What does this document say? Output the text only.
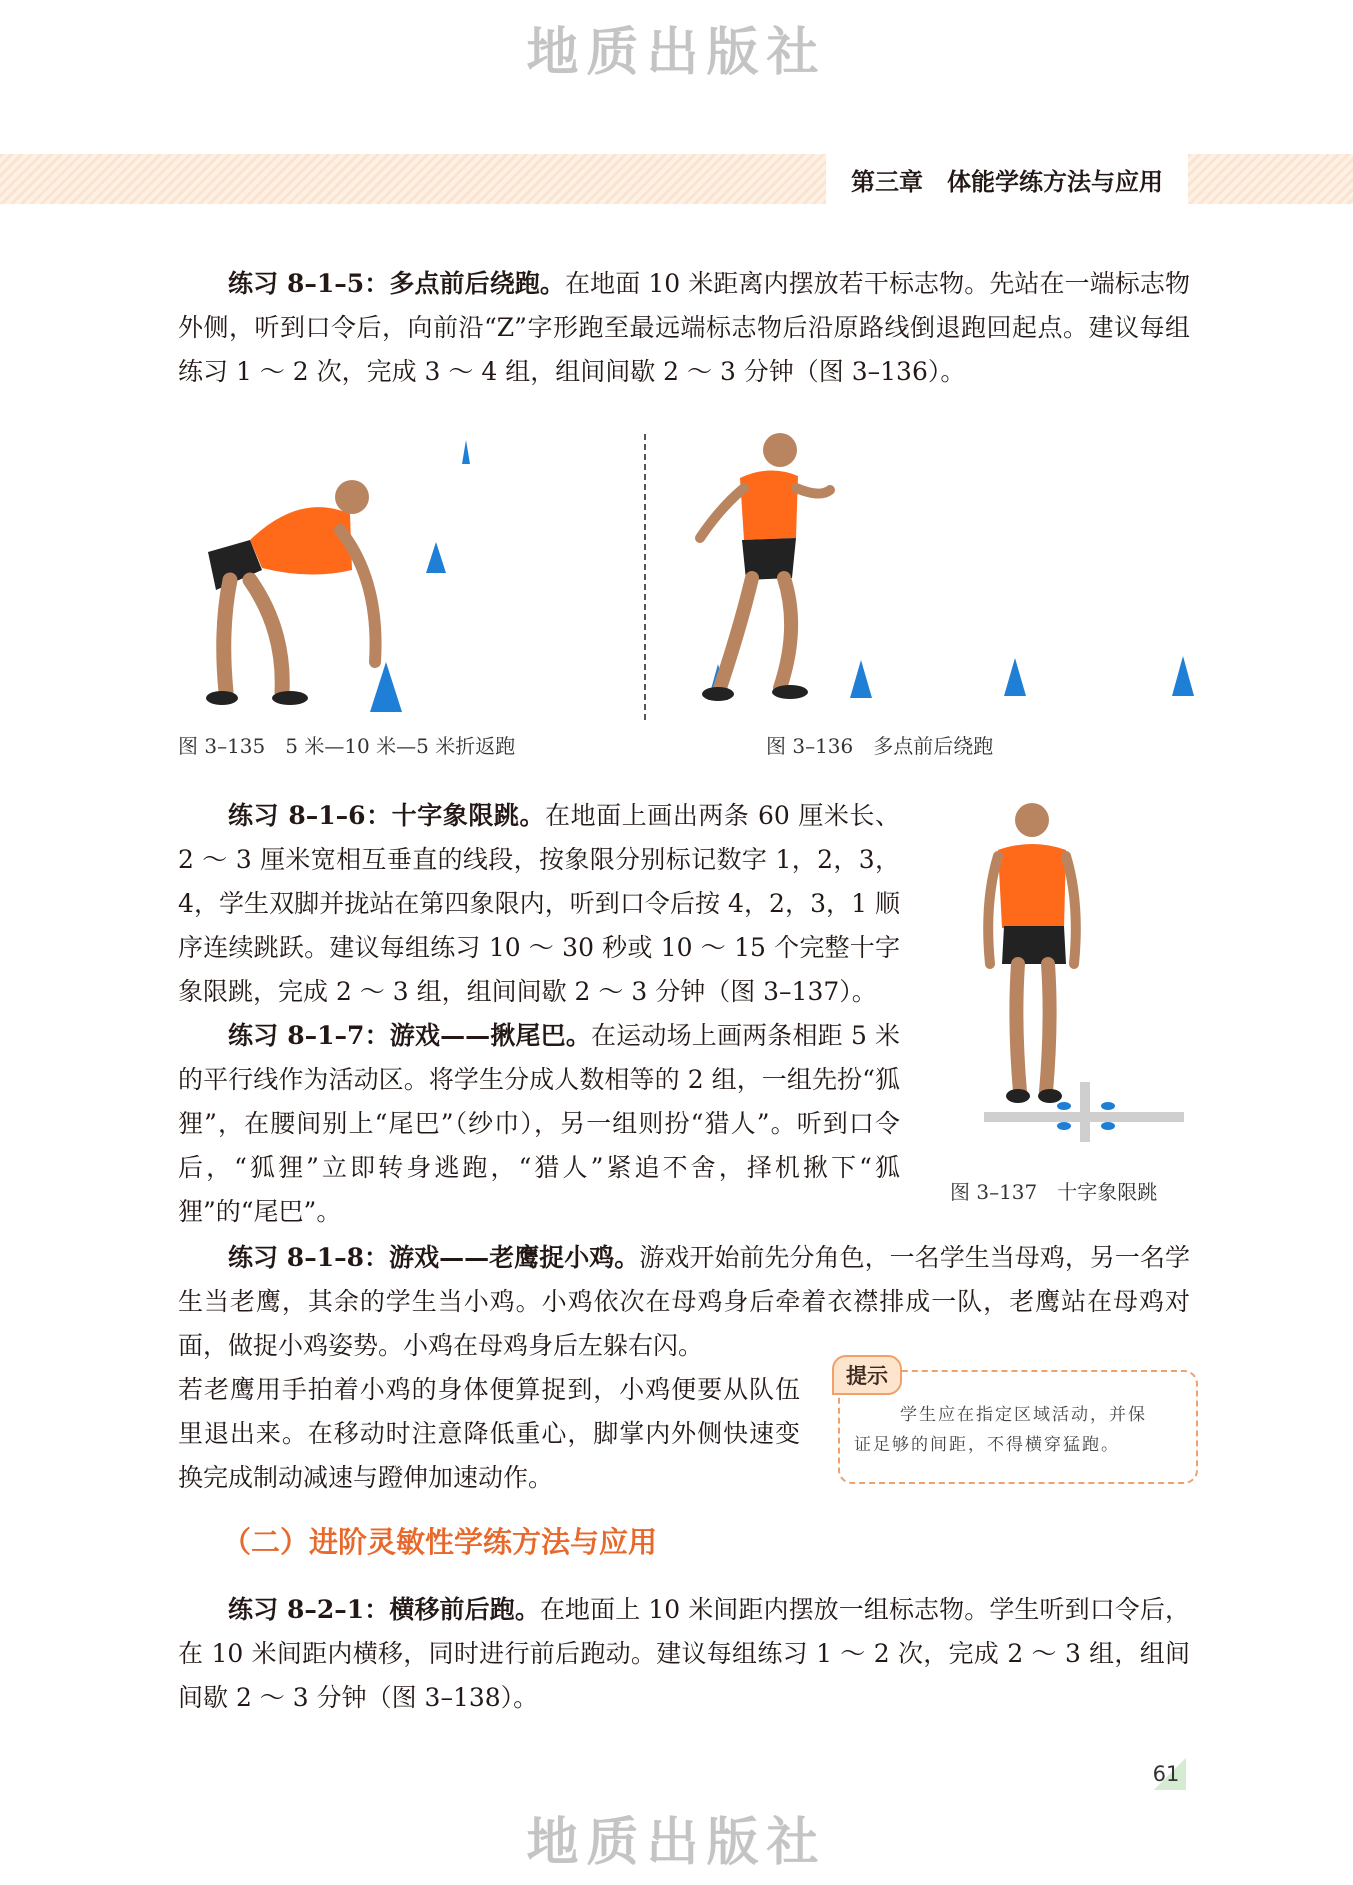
地质出版社
地质出版社
第三章　体能学练方法与应用

练习 8–1–5：多点前后绕跑。在地面 10 米距离内摆放若干标志物。先站在一端标志物外侧，听到口令后，向前沿“Z”字形跑至最远端标志物后沿原路线倒退跑回起点。建议每组练习 1 ～ 2 次，完成 3 ～ 4 组，组间间歇 2 ～ 3 分钟（图 3–136）。

图 3–135　5 米—10 米—5 米折返跑	图 3–136　多点前后绕跑

练习 8–1–6：十字象限跳。在地面上画出两条 60 厘米长、2 ～ 3 厘米宽相互垂直的线段，按象限分别标记数字 1，2，3，4，学生双脚并拢站在第四象限内，听到口令后按 4，2，3，1 顺序连续跳跃。建议每组练习 10 ～ 30 秒或 10 ～ 15 个完整十字象限跳，完成 2 ～ 3 组，组间间歇 2 ～ 3 分钟（图 3–137）。

练习 8–1–7：游戏——揪尾巴。在运动场上画两条相距 5 米的平行线作为活动区。将学生分成人数相等的 2 组，一组先扮“狐狸”，在腰间别上“尾巴”（纱巾），另一组则扮“猎人”。听到口令后，“狐狸”立即转身逃跑，“猎人”紧追不舍，择机揪下“狐狸”的“尾巴”。

图 3–137　十字象限跳

练习 8–1–8：游戏——老鹰捉小鸡。游戏开始前先分角色，一名学生当母鸡，另一名学生当老鹰，其余的学生当小鸡。小鸡依次在母鸡身后牵着衣襟排成一队，老鹰站在母鸡对面，做捉小鸡姿势。小鸡在母鸡身后左躲右闪。

若老鹰用手拍着小鸡的身体便算捉到，小鸡便要从队伍里退出来。在移动时注意降低重心，脚掌内外侧快速变换完成制动减速与蹬伸加速动作。

提示
学生应在指定区域活动，并保
证足够的间距，不得横穿猛跑。
（二）进阶灵敏性学练方法与应用

练习 8–2–1：横移前后跑。在地面上 10 米间距内摆放一组标志物。学生听到口令后，在 10 米间距内横移，同时进行前后跑动。建议每组练习 1 ～ 2 次，完成 2 ～ 3 组，组间间歇 2 ～ 3 分钟（图 3–138）。

61
